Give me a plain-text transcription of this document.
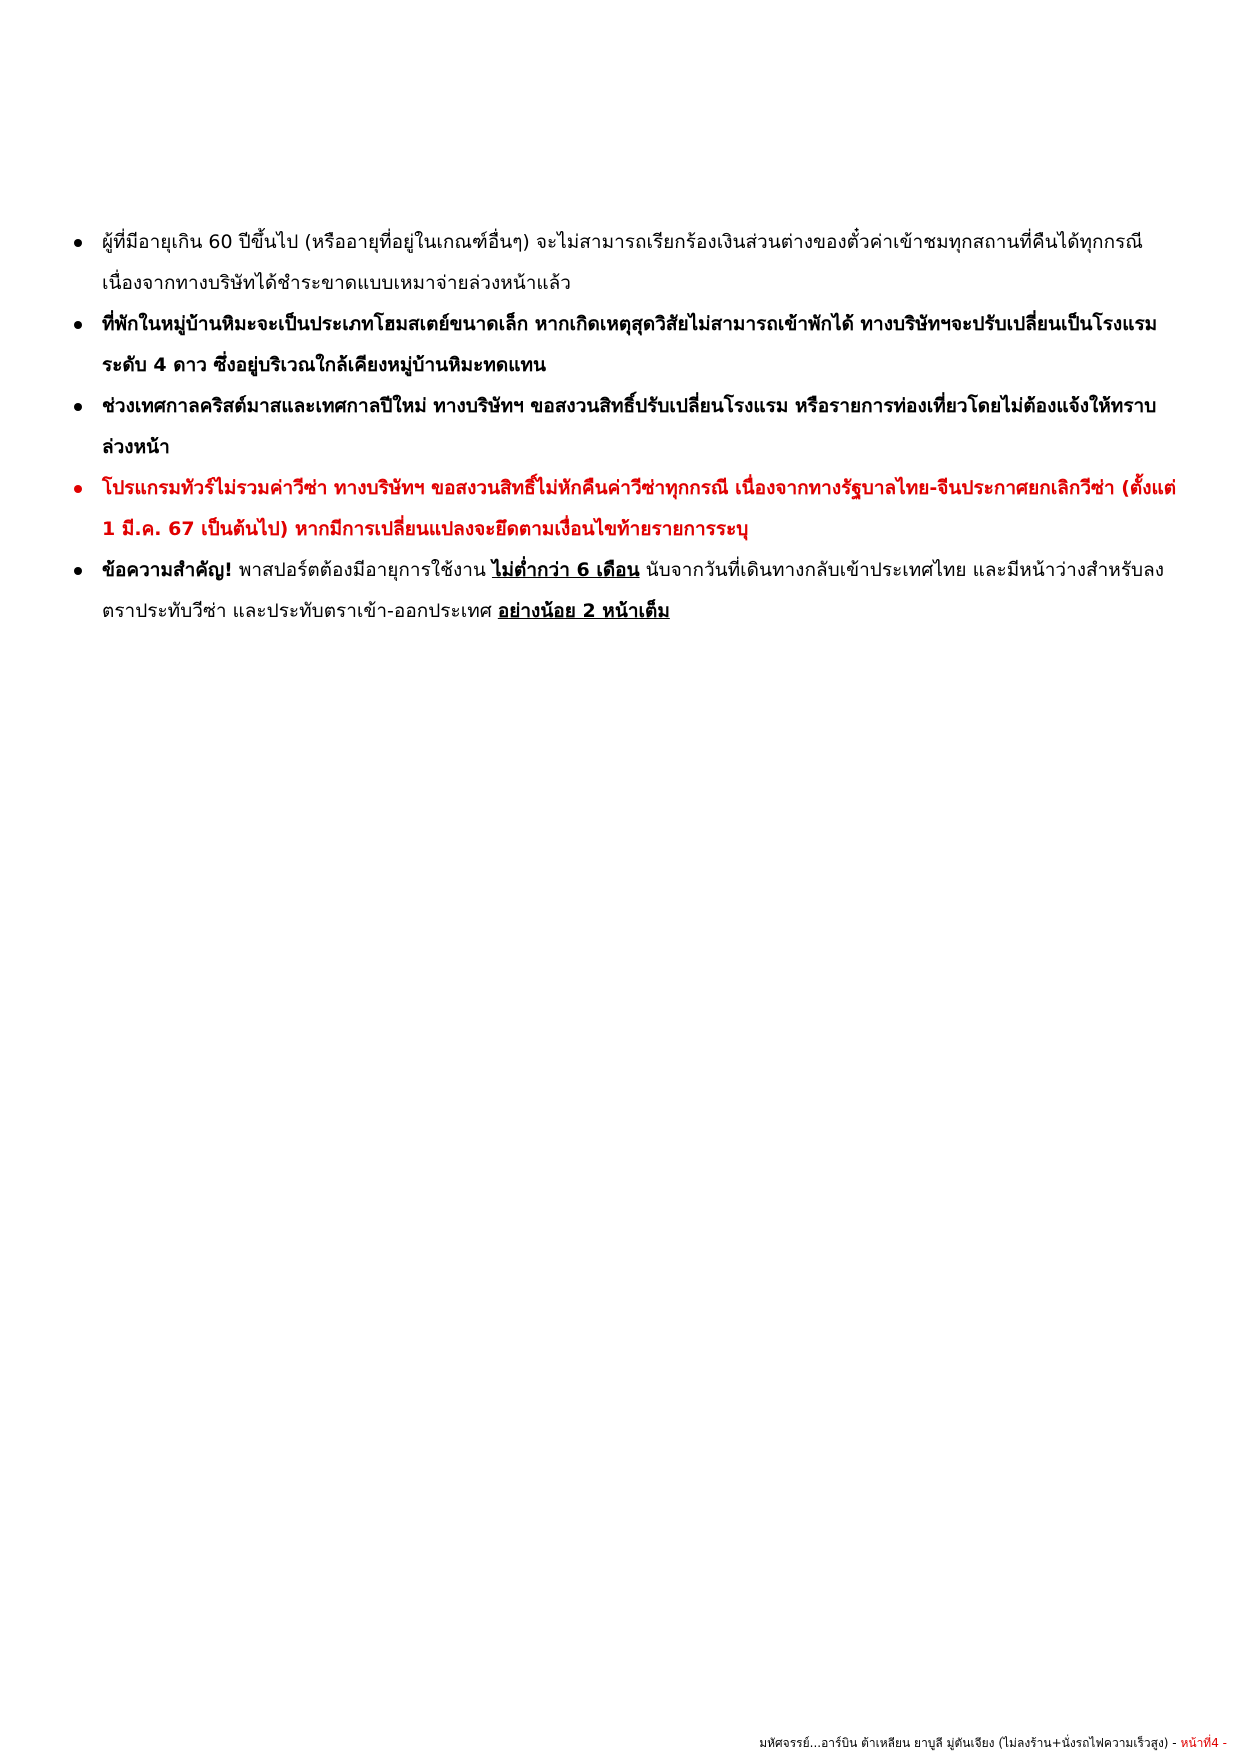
ผู้ที่มีอายุเกิน 60 ปีขึ้นไป (หรืออายุที่อยู่ในเกณฑ์อื่นๆ) จะไม่สามารถเรียกร้องเงินส่วนต่างของตั๋วค่าเข้าชมทุกสถานที่คืนได้ทุกกรณี เนื่องจากทางบริษัทได้ชำระขาดแบบเหมาจ่ายล่วงหน้าแล้ว
ที่พักในหมู่บ้านหิมะจะเป็นประเภทโฮมสเตย์ขนาดเล็ก หากเกิดเหตุสุดวิสัยไม่สามารถเข้าพักได้ ทางบริษัทฯจะปรับเปลี่ยนเป็นโรงแรมระดับ 4 ดาว ซึ่งอยู่บริเวณใกล้เคียงหมู่บ้านหิมะทดแทน
ช่วงเทศกาลคริสต์มาสและเทศกาลปีใหม่ ทางบริษัทฯ ขอสงวนสิทธิ์ปรับเปลี่ยนโรงแรม หรือรายการท่องเที่ยวโดยไม่ต้องแจ้งให้ทราบล่วงหน้า
โปรแกรมทัวร์ไม่รวมค่าวีซ่า ทางบริษัทฯ ขอสงวนสิทธิ์ไม่หักคืนค่าวีซ่าทุกกรณี เนื่องจากทางรัฐบาลไทย-จีนประกาศยกเลิกวีซ่า (ตั้งแต่ 1 มี.ค. 67 เป็นต้นไป) หากมีการเปลี่ยนแปลงจะยึดตามเงื่อนไขท้ายรายการระบุ
ข้อความสำคัญ! พาสปอร์ตต้องมีอายุการใช้งาน ไม่ต่ำกว่า 6 เดือน นับจากวันที่เดินทางกลับเข้าประเทศไทย และมีหน้าว่างสำหรับลงตราประทับวีซ่า และประทับตราเข้า-ออกประเทศ อย่างน้อย 2 หน้าเต็ม
มหัศจรรย์...อาร์บิน ต้าเหลียน ยาบูลี มู่ตันเจียง (ไม่ลงร้าน+นั่งรถไฟความเร็วสูง) - หน้าที่4 -
